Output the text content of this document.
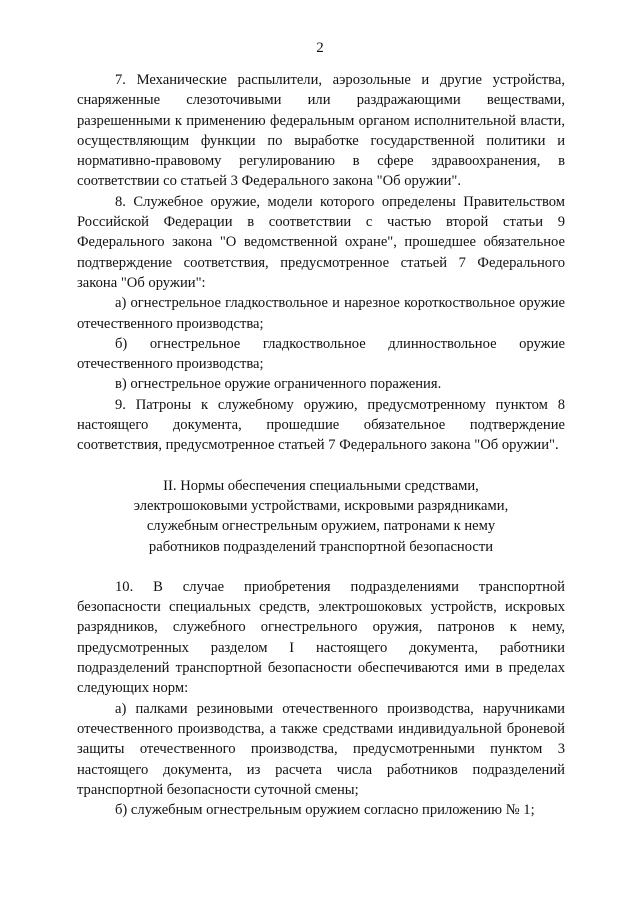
2

7. Механические распылители, аэрозольные и другие устройства, снаряженные слезоточивыми или раздражающими веществами, разрешенными к применению федеральным органом исполнительной власти, осуществляющим функции по выработке государственной политики и нормативно-правовому регулированию в сфере здравоохранения, в соответствии со статьей 3 Федерального закона "Об оружии".

8. Служебное оружие, модели которого определены Правительством Российской Федерации в соответствии с частью второй статьи 9 Федерального закона "О ведомственной охране", прошедшее обязательное подтверждение соответствия, предусмотренное статьей 7 Федерального закона "Об оружии":

а) огнестрельное гладкоствольное и нарезное короткоствольное оружие отечественного производства;

б) огнестрельное гладкоствольное длинноствольное оружие отечественного производства;

в) огнестрельное оружие ограниченного поражения.

9. Патроны к служебному оружию, предусмотренному пунктом 8 настоящего документа, прошедшие обязательное подтверждение соответствия, предусмотренное статьей 7 Федерального закона "Об оружии".

II. Нормы обеспечения специальными средствами,
электрошоковыми устройствами, искровыми разрядниками,
служебным огнестрельным оружием, патронами к нему
работников подразделений транспортной безопасности

10. В случае приобретения подразделениями транспортной безопасности специальных средств, электрошоковых устройств, искровых разрядников, служебного огнестрельного оружия, патронов к нему, предусмотренных разделом I настоящего документа, работники подразделений транспортной безопасности обеспечиваются ими в пределах следующих норм:

а) палками резиновыми отечественного производства, наручниками отечественного производства, а также средствами индивидуальной броневой защиты отечественного производства, предусмотренными пунктом 3 настоящего документа, из расчета числа работников подразделений транспортной безопасности суточной смены;

б) служебным огнестрельным оружием согласно приложению № 1;
